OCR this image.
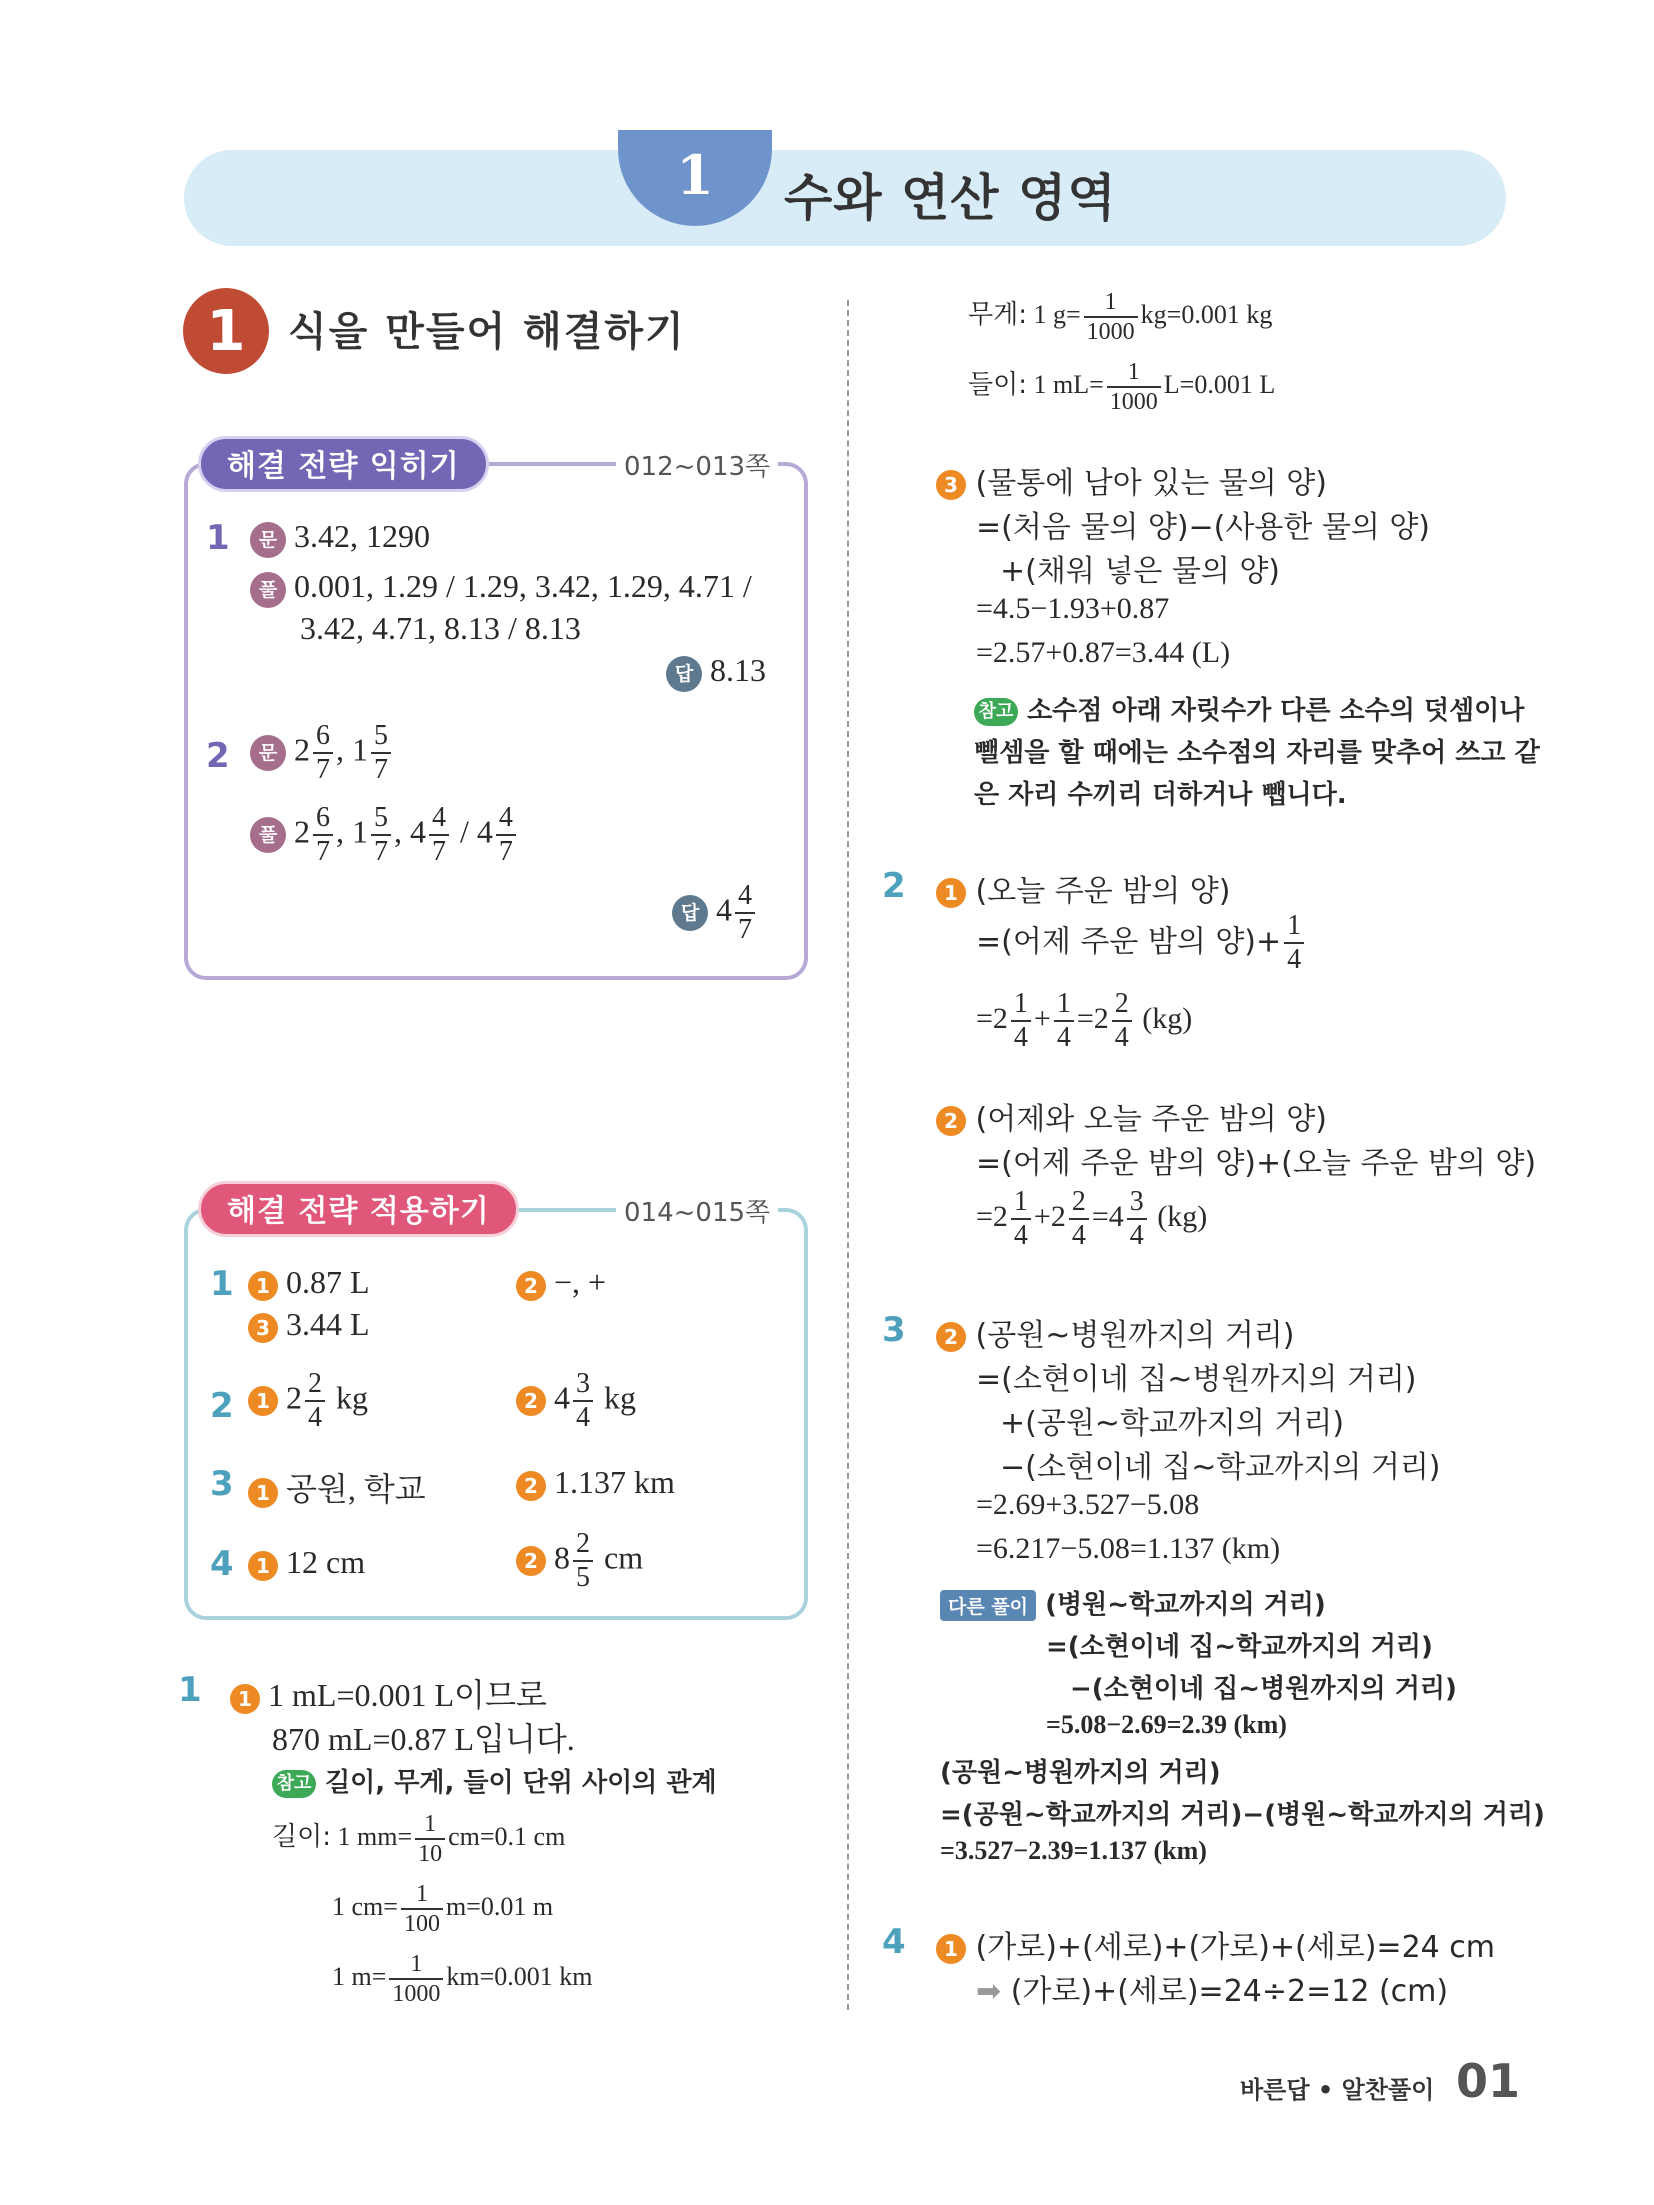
1	수와 연산 영역
1	식을 만들어 해결하기
해결 전략 익히기	012~013쪽
1	문 3.42, 1290
풀 0.001, 1.29 / 1.29, 3.42, 1.29, 4.71 /
3.42, 4.71, 8.13 / 8.13
답 8.13
2	문 $2 \frac{6}{7}$ , $1 \frac{5}{7}$
풀 $2 \frac{6}{7}$ , $1 \frac{5}{7}$ , $4 \frac{4}{7} / 4 \frac{4}{7}$
답 $4 \frac{4}{7}$
해결 전략 적용하기	014~015쪽
1	1 0.87 L	2 −, +
3 3.44 L
2	1 $2 \frac{2}{4}$ kg	2 $4 \frac{3}{4}$ kg
3	1 공원, 학교	2 1.137 km
4	1 12 cm	2 $8 \frac{2}{5}$ cm
1	1 1 mL=0.001 L이므로
870 mL=0.87 L입니다.
참고 길이, 무게, 들이 단위 사이의 관계
길이: 1 $mm= \frac{1}{10} cm=0.1$ cm
1 $cm= \frac{1}{100} m=0.01$ m
1 $m= \frac{1}{1000} km=0.001$ km
무게: 1 $g= \frac{1}{1000} kg=0.001$ kg
들이: 1 $mL= \frac{1}{1000} L=0.001$ L
3 (물통에 남아 있는 물의 양)
=(처음 물의 양)−(사용한 물의 양)
+(채워 넣은 물의 양)
=4.5−1.93+0.87
=2.57+0.87=3.44 (L)
참고 소수점 아래 자릿수가 다른 소수의 덧셈이나
뺄셈을 할 때에는 소수점의 자리를 맞추어 쓰고 같
은 자리 수끼리 더하거나 뺍니다.
2	1 (오늘 주운 밤의 양)
=(어제 주운 밤의 양)+ $\frac{1}{4}$
$=2 \frac{1}{4} + \frac{1}{4} =2 \frac{2}{4} (kg)$
2 (어제와 오늘 주운 밤의 양)
=(어제 주운 밤의 양)+(오늘 주운 밤의 양)
$=2 \frac{1}{4} +2 \frac{2}{4} =4 \frac{3}{4} (kg)$
3	2 (공원~병원까지의 거리)
=(소현이네 집~병원까지의 거리)
+(공원~학교까지의 거리)
−(소현이네 집~학교까지의 거리)
=2.69+3.527−5.08
=6.217−5.08=1.137 (km)
다른 풀이 (병원~학교까지의 거리)
=(소현이네 집~학교까지의 거리)
−(소현이네 집~병원까지의 거리)
=5.08−2.69=2.39 (km)
(공원~병원까지의 거리)
=(공원~학교까지의 거리)−(병원~학교까지의 거리)
=3.527−2.39=1.137 (km)
4	1 (가로)+(세로)+(가로)+(세로)=24 cm
➡ (가로)+(세로)=24÷2=12 (cm)
바른답 • 알찬풀이 01
